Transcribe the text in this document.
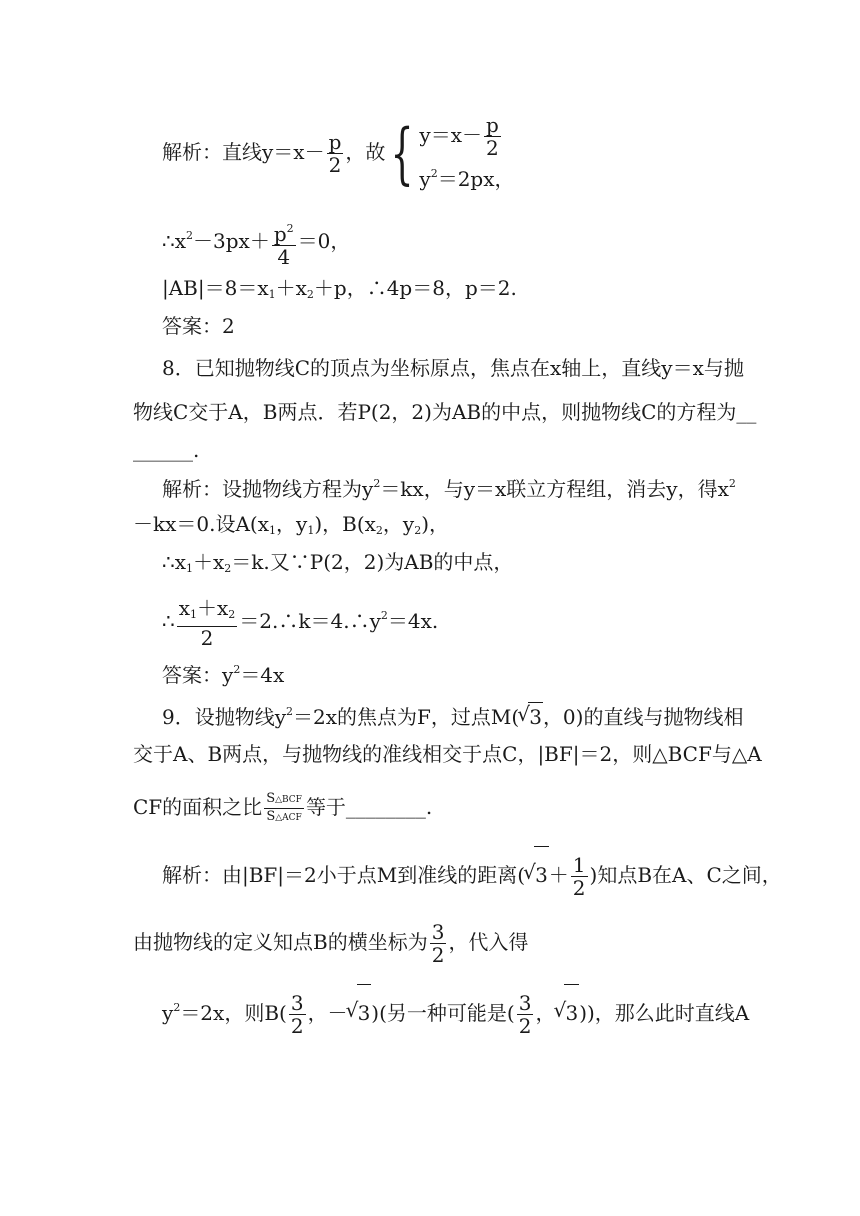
解析：直线$y=x- \frac{p}{2}$ ，故{ $y=x- \frac{p}{2}$
$y^2=2px$，
$\therefore x^2-3px+ \frac{p^2}{4} =0$，
$|AB|=8=x_1+x_2+p$，∴4p＝8，p＝2.
答案：2
8．已知抛物线C的顶点为坐标原点，焦点在x轴上，直线y＝x与抛
物线C交于A，B两点．若P(2，2)为AB的中点，则抛物线C的方程为__
______.
解析：设抛物线方程为$y^2=kx$，与y＝x联立方程组，消去y，得$x^2$
－kx＝0.设$A(x_1$，$y_1$)，$B(x_2$，$y_2$)，
$\therefore x_1+x_2=k$.又∵P(2，2)为AB的中点，
∴ $\frac{x_1+x_2}{2}$ $=2.\therefore k=4.\therefore y^2=4x$.
答案：$y^2=4x$
9．设抛物线$y^2=2x$的焦点为F，过点M( √ 3，0)的直线与抛物线相
交于A、B两点，与抛物线的准线相交于点C，|BF|＝2，则△BCF与△A
CF的面积之比 $\frac{\text{S△BCF}}{\text{S△ACF}}$ 等于________.
解析：由|BF|＝2小于点M到准线的距离( √ $3+ \frac{1}{2}$ )知点B在A、C之间，
由抛物线的定义知点B的横坐标为 $\frac{3}{2}$ ，代入得
$y^2=2x$，则$B( \frac{3}{2}$ ，－ √ 3)(另一种可能是( $\frac{3}{2}$ ， √ 3))，那么此时直线A
